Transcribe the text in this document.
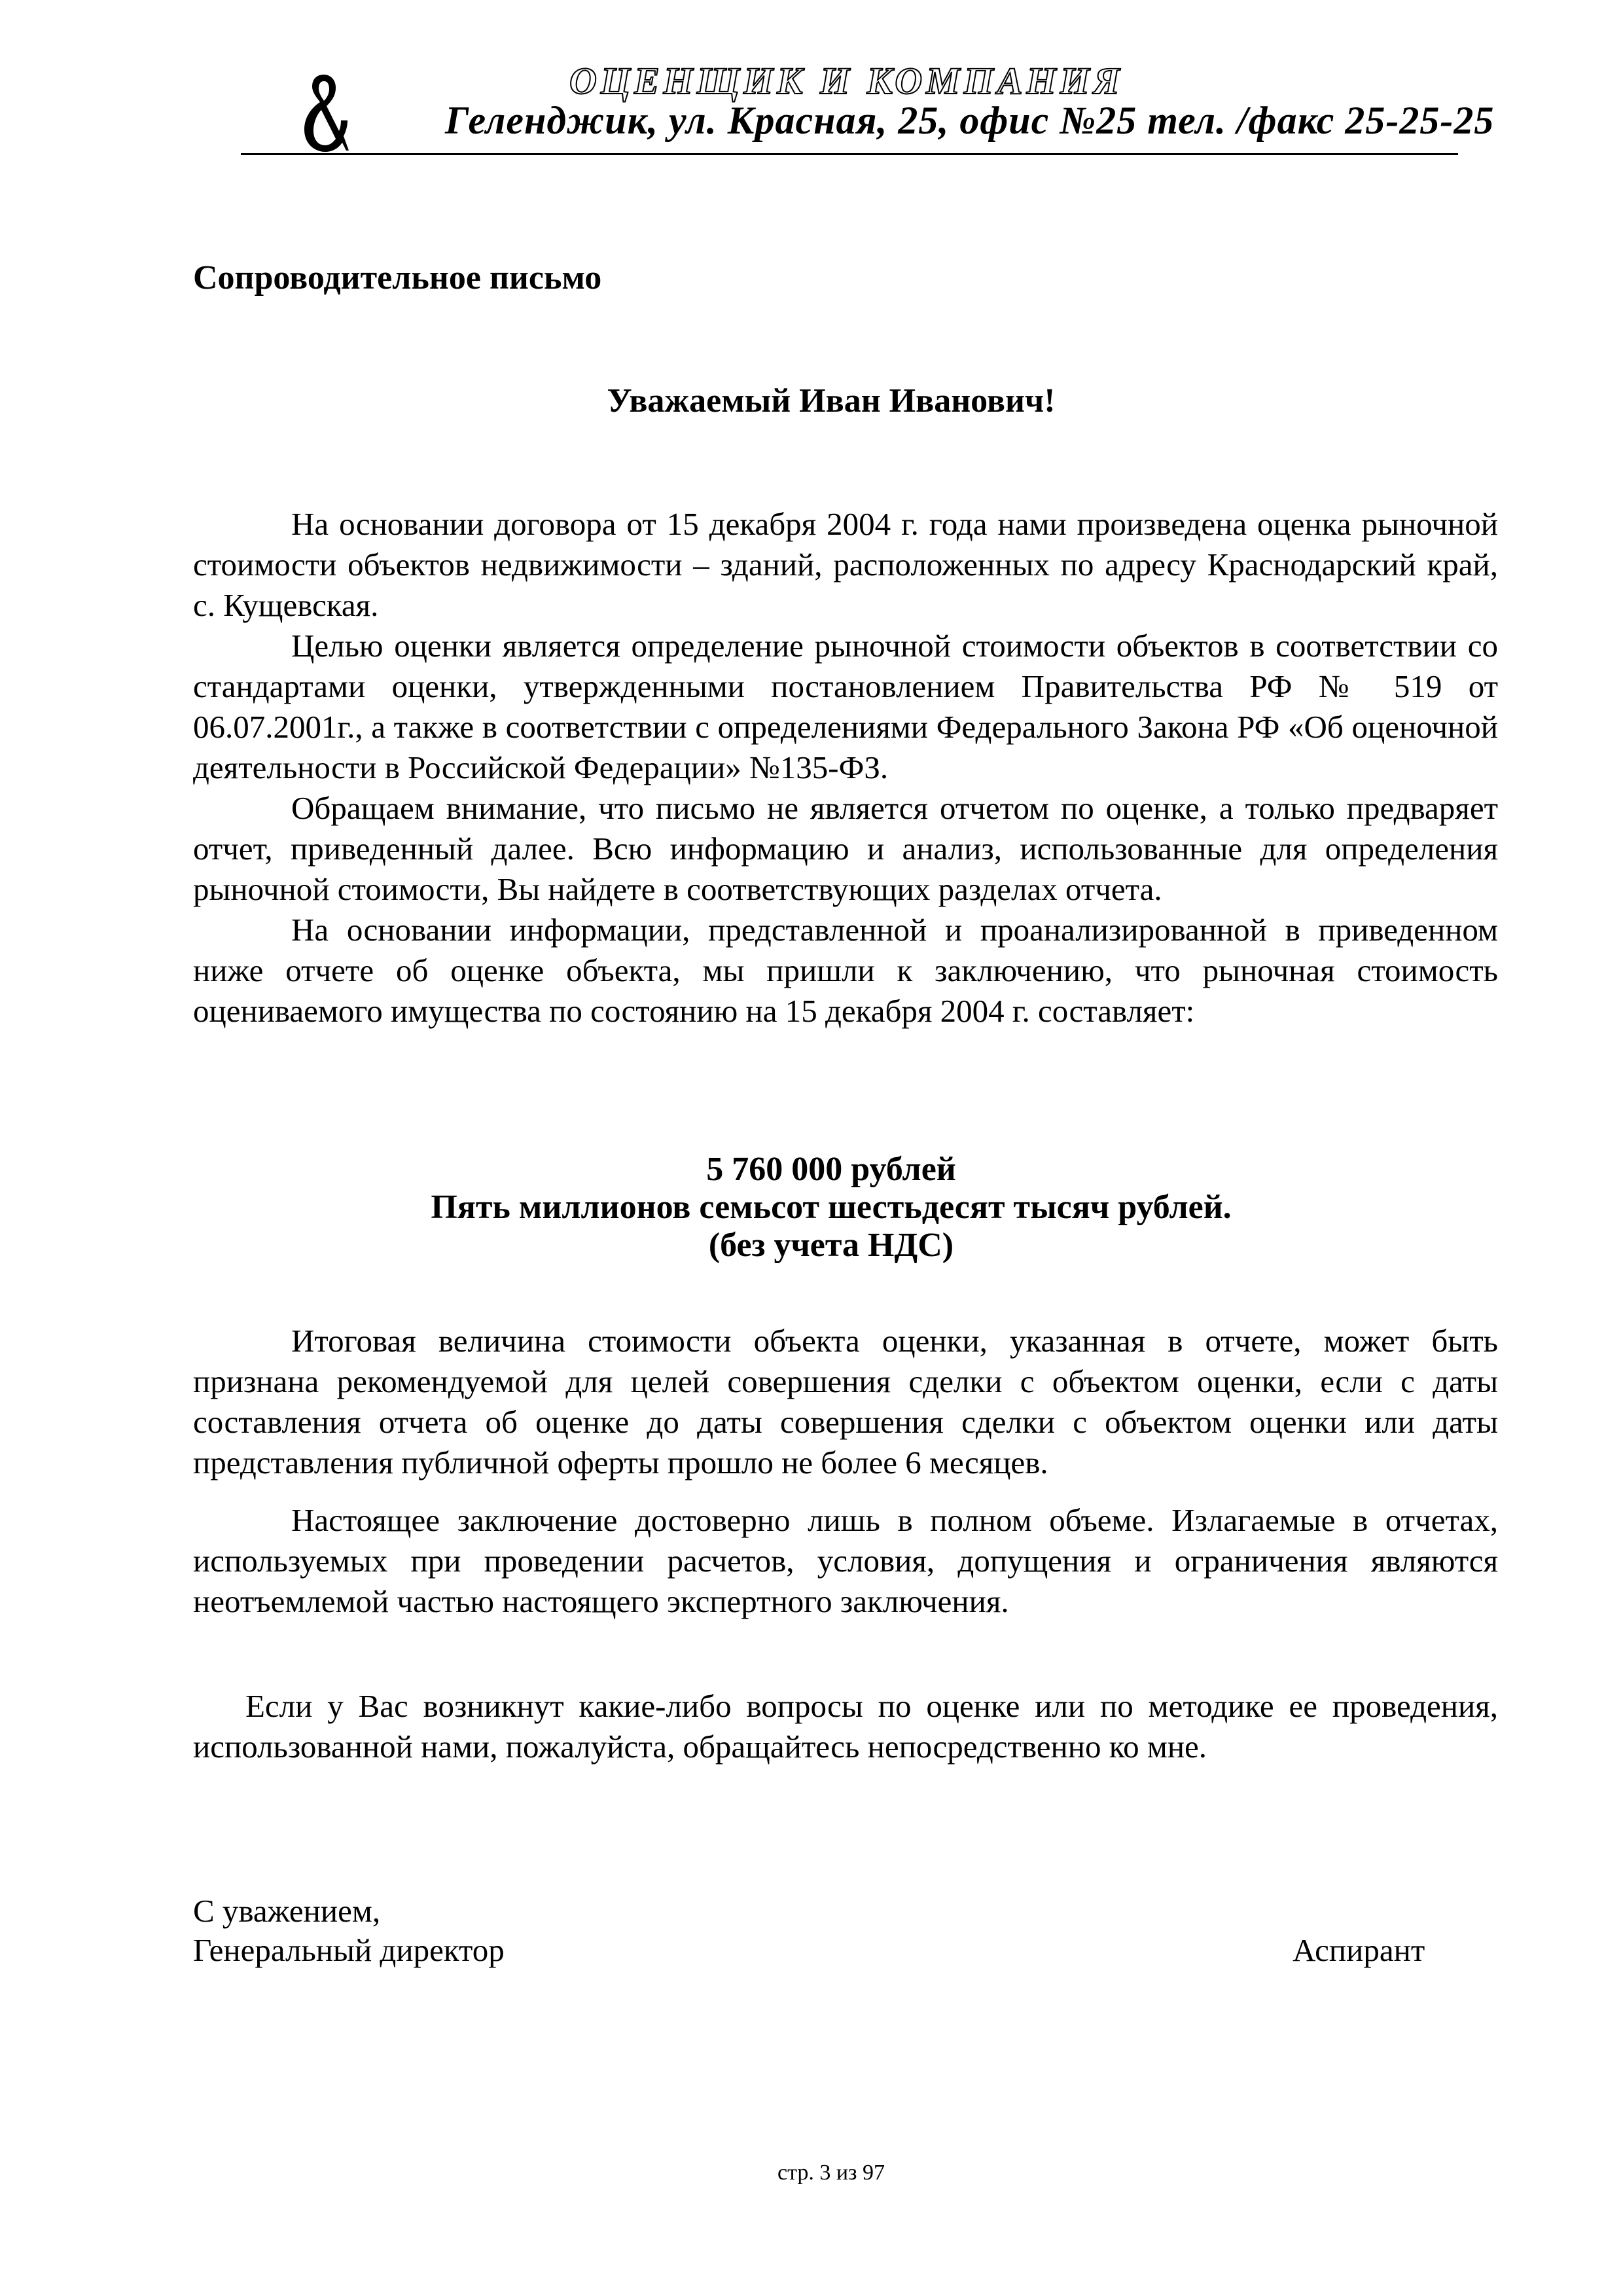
ОЦЕНЩИК И КОМПАНИЯ
Геленджик, ул. Красная, 25, офис №25 тел. /факс 25-25-25
Сопроводительное письмо
Уважаемый Иван Иванович!

На основании договора от 15 декабря 2004 г. года нами произведена оценка рыночной стоимости объектов недвижимости – зданий, расположенных по адресу Краснодарский край, с. Кущевская.

Целью оценки является определение рыночной стоимости объектов в соответствии со стандартами оценки, утвержденными постановлением Правительства РФ № 519 от 06.07.2001г., а также в соответствии с определениями Федерального Закона РФ «Об оценочной деятельности в Российской Федерации» №135-ФЗ.

Обращаем внимание, что письмо не является отчетом по оценке, а только предваряет отчет, приведенный далее. Всю информацию и анализ, использованные для определения рыночной стоимости, Вы найдете в соответствующих разделах отчета.

На основании информации, представленной и проанализированной в приведенном ниже отчете об оценке объекта, мы пришли к заключению, что рыночная стоимость оцениваемого имущества по состоянию на 15 декабря 2004 г. составляет:

5 760 000 рублей
Пять миллионов семьсот шестьдесят тысяч рублей.
(без учета НДС)

Итоговая величина стоимости объекта оценки, указанная в отчете, может быть признана рекомендуемой для целей совершения сделки с объектом оценки, если с даты составления отчета об оценке до даты совершения сделки с объектом оценки или даты представления публичной оферты прошло не более 6 месяцев.

Настоящее заключение достоверно лишь в полном объеме. Излагаемые в отчетах, используемых при проведении расчетов, условия, допущения и ограничения являются неотъемлемой частью настоящего экспертного заключения.

Если у Вас возникнут какие-либо вопросы по оценке или по методике ее проведения, использованной нами, пожалуйста, обращайтесь непосредственно ко мне.

С уважением,
Генеральный директор	Аспирант
стр. 3 из 97
